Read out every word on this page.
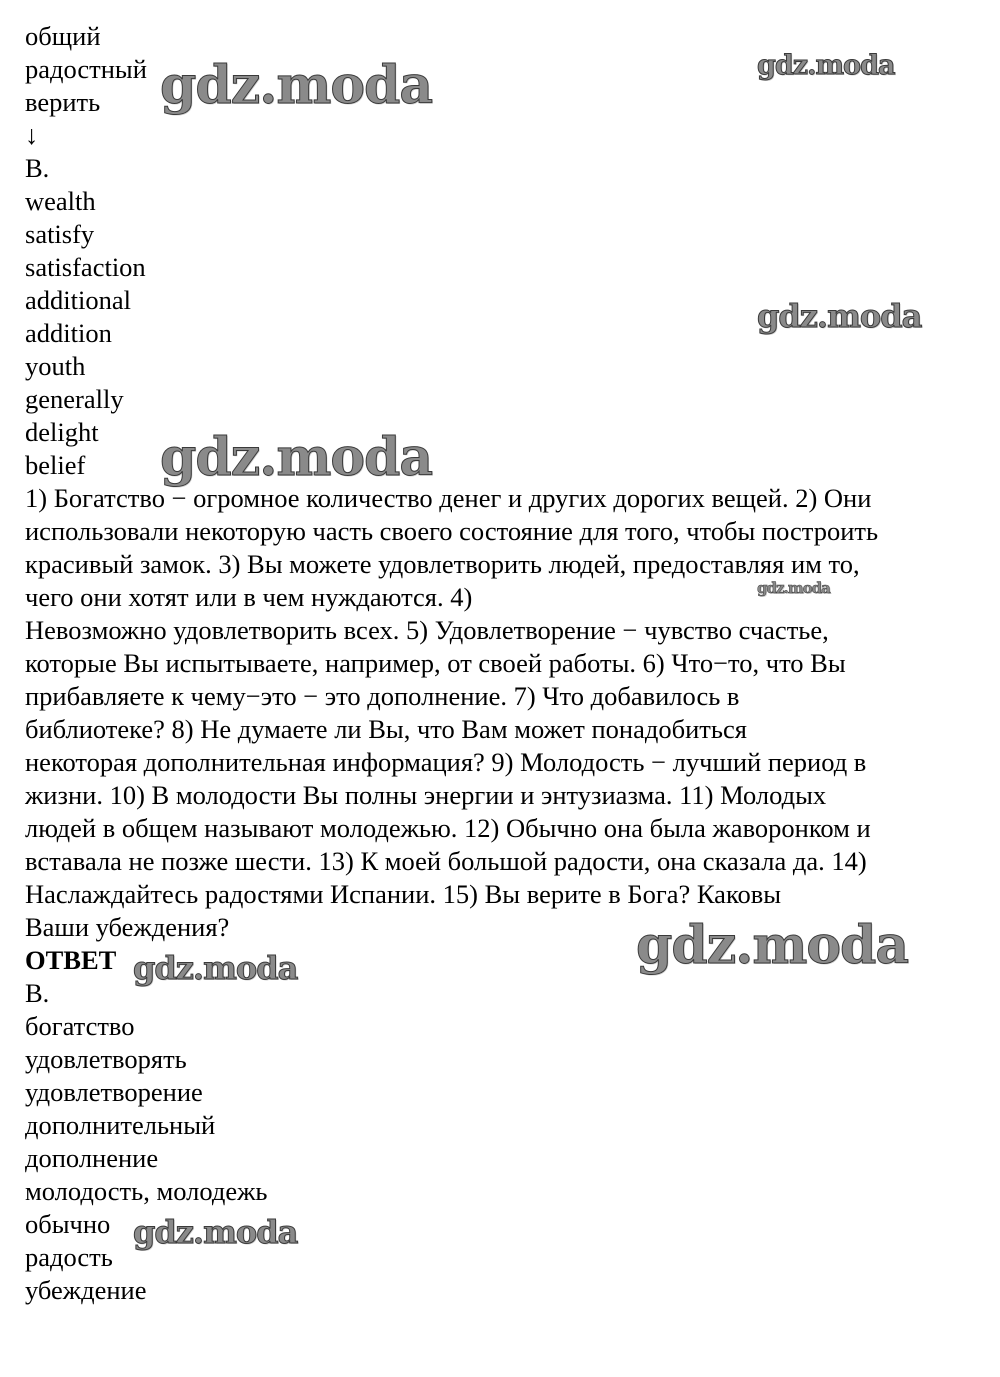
общий
радостный
верить
↓
B.
wealth
satisfy
satisfaction
additional
addition
youth
generally
delight
belief
1) Богатство − огромное количество денег и других дорогих вещей. 2) Они
использовали некоторую часть своего состояние для того, чтобы построить
красивый замок. 3) Вы можете удовлетворить людей, предоставляя им то,
чего они хотят или в чем нуждаются. 4)
Невозможно удовлетворить всех. 5) Удовлетворение − чувство счастье,
которые Вы испытываете, например, от своей работы. 6) Что−то, что Вы
прибавляете к чему−это − это дополнение. 7) Что добавилось в
библиотеке? 8) Не думаете ли Вы, что Вам может понадобиться
некоторая дополнительная информация? 9) Молодость − лучший период в
жизни. 10) В молодости Вы полны энергии и энтузиазма. 11) Молодых
людей в общем называют молодежью. 12) Обычно она была жаворонком и
вставала не позже шести. 13) К моей большой радости, она сказала да. 14)
Наслаждайтесь радостями Испании. 15) Вы верите в Бога? Каковы
Ваши убеждения?
ОТВЕТ
B.
богатство
удовлетворять
удовлетворение
дополнительный
дополнение
молодость, молодежь
обычно
радость
убеждение
gdz.moda	gdz.moda
gdz.moda
gdz.moda
gdz.moda
gdz.moda
gdz.moda
gdz.moda
